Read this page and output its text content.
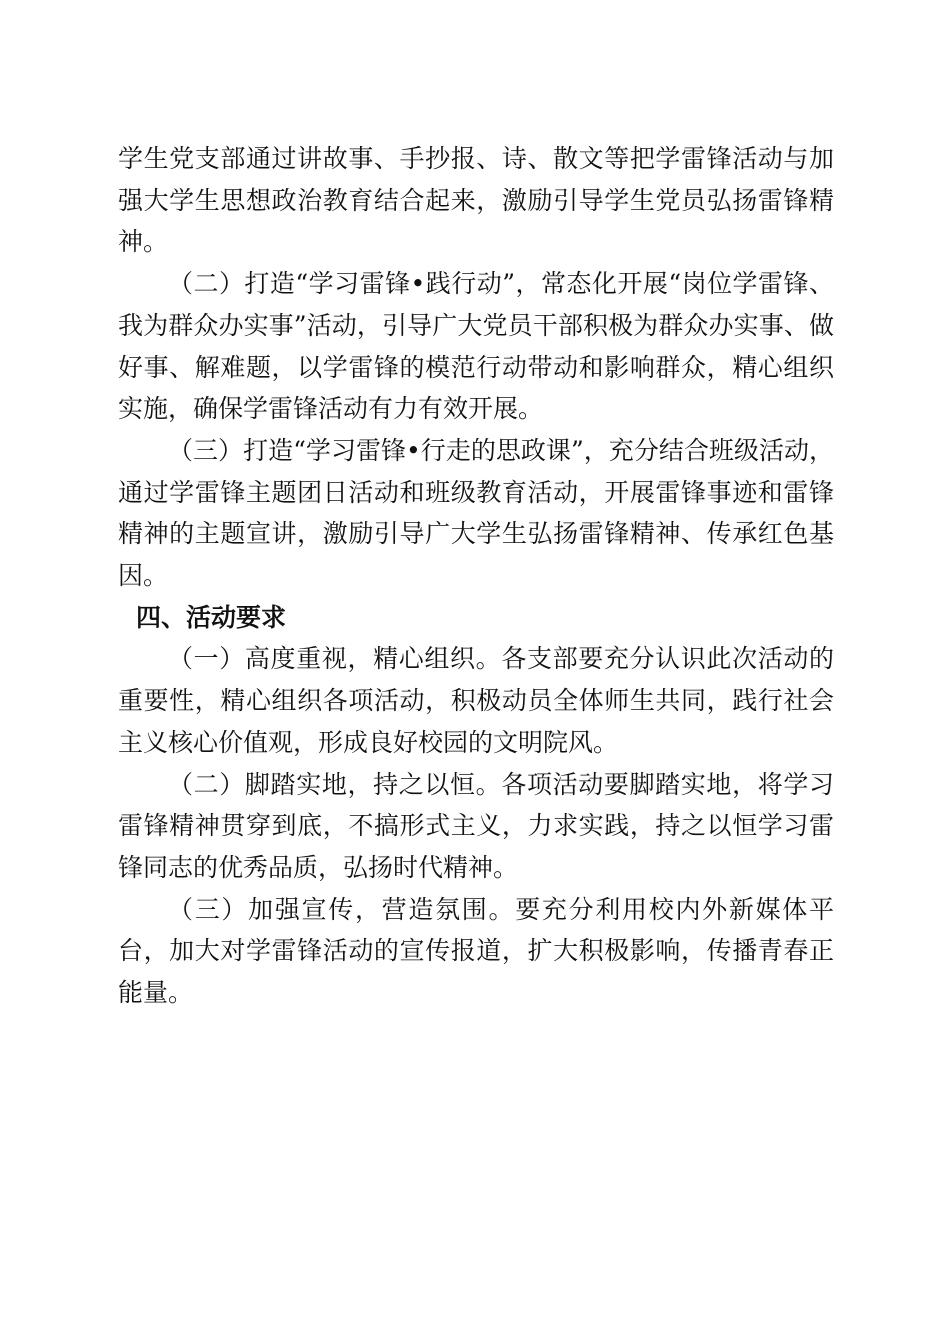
学生党支部通过讲故事、手抄报、诗、散文等把学雷锋活动与加强大学生思想政治教育结合起来，激励引导学生党员弘扬雷锋精神。

（二）打造“学习雷锋•践行动”，常态化开展“岗位学雷锋、我为群众办实事”活动，引导广大党员干部积极为群众办实事、做好事、解难题，以学雷锋的模范行动带动和影响群众，精心组织实施，确保学雷锋活动有力有效开展。

（三）打造“学习雷锋•行走的思政课”，充分结合班级活动，通过学雷锋主题团日活动和班级教育活动，开展雷锋事迹和雷锋精神的主题宣讲，激励引导广大学生弘扬雷锋精神、传承红色基因。

四、活动要求

（一）高度重视，精心组织。各支部要充分认识此次活动的重要性，精心组织各项活动，积极动员全体师生共同，践行社会主义核心价值观，形成良好校园的文明院风。

（二）脚踏实地，持之以恒。各项活动要脚踏实地，将学习雷锋精神贯穿到底，不搞形式主义，力求实践，持之以恒学习雷锋同志的优秀品质，弘扬时代精神。

（三）加强宣传，营造氛围。要充分利用校内外新媒体平台，加大对学雷锋活动的宣传报道，扩大积极影响，传播青春正能量。
